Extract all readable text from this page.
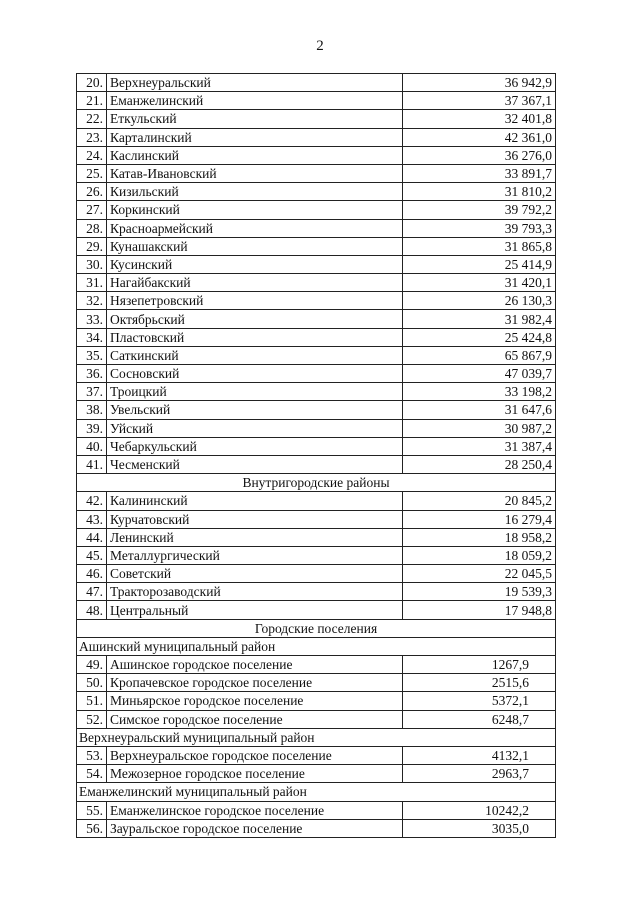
2
20.	Верхнеуральский	36 942,9
21.	Еманжелинский	37 367,1
22.	Еткульский	32 401,8
23.	Карталинский	42 361,0
24.	Каслинский	36 276,0
25.	Катав-Ивановский	33 891,7
26.	Кизильский	31 810,2
27.	Коркинский	39 792,2
28.	Красноармейский	39 793,3
29.	Кунашакский	31 865,8
30.	Кусинский	25 414,9
31.	Нагайбакский	31 420,1
32.	Нязепетровский	26 130,3
33.	Октябрьский	31 982,4
34.	Пластовский	25 424,8
35.	Саткинский	65 867,9
36.	Сосновский	47 039,7
37.	Троицкий	33 198,2
38.	Увельский	31 647,6
39.	Уйский	30 987,2
40.	Чебаркульский	31 387,4
41.	Чесменский	28 250,4
Внутригородские районы		
42.	Калининский	20 845,2
43.	Курчатовский	16 279,4
44.	Ленинский	18 958,2
45.	Металлургический	18 059,2
46.	Советский	22 045,5
47.	Тракторозаводский	19 539,3
48.	Центральный	17 948,8
Городские поселения		
Ашинский муниципальный район		
49.	Ашинское городское поселение	1267,9
50.	Кропачевское городское поселение	2515,6
51.	Миньярское городское поселение	5372,1
52.	Симское городское поселение	6248,7
Верхнеуральский муниципальный район		
53.	Верхнеуральское городское поселение	4132,1
54.	Межозерное городское поселение	2963,7
Еманжелинский муниципальный район		
55.	Еманжелинское городское поселение	10242,2
56.	Зауральское городское поселение	3035,0
